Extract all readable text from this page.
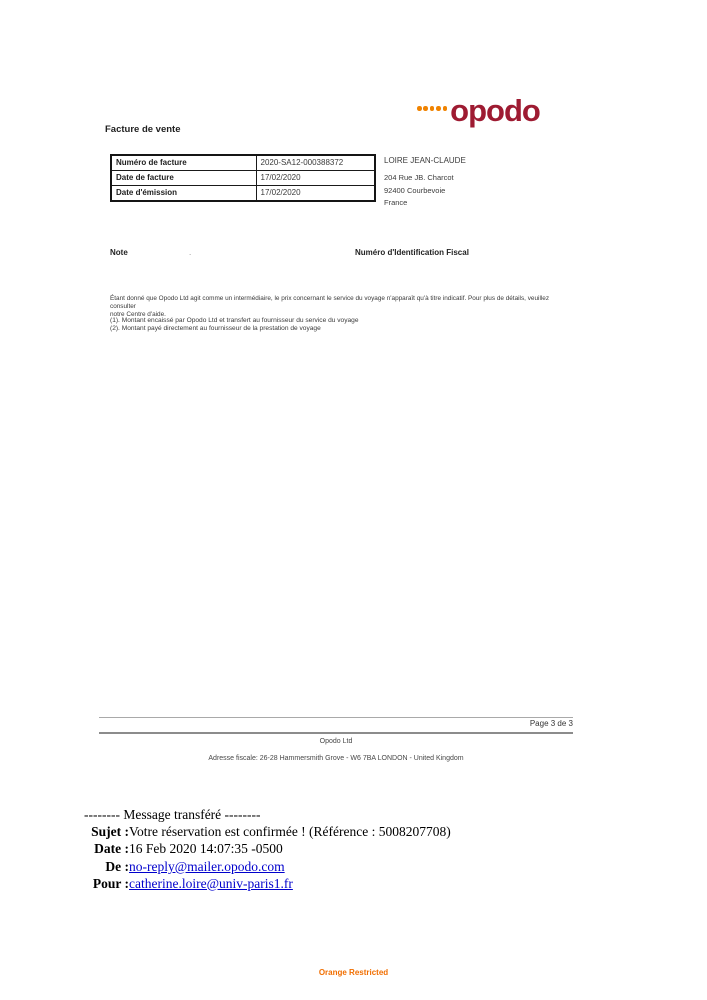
opodo
Facture de vente
Numéro de facture	2020-SA12-000388372
Date de facture	17/02/2020
Date d'émission	17/02/2020
LOIRE JEAN-CLAUDE
204 Rue JB. Charcot
92400 Courbevoie
France
Note	.	Numéro d'Identification Fiscal
Étant donné que Opodo Ltd agit comme un intermédiaire, le prix concernant le service du voyage n'apparaît qu'à titre indicatif. Pour plus de détails, veuillez consulter
notre Centre d'aide.
(1). Montant encaissé par Opodo Ltd et transfert au fournisseur du service du voyage
(2). Montant payé directement au fournisseur de la prestation de voyage
Page 3 de 3
Opodo Ltd
Adresse fiscale: 26-28 Hammersmith Grove - W6 7BA LONDON - United Kingdom
-------- Message transféré --------
Sujet : Votre réservation est confirmée ! (Référence : 5008207708)
Date : 16 Feb 2020 14:07:35 -0500
De : no-reply@mailer.opodo.com
Pour : catherine.loire@univ-paris1.fr
Orange Restricted
